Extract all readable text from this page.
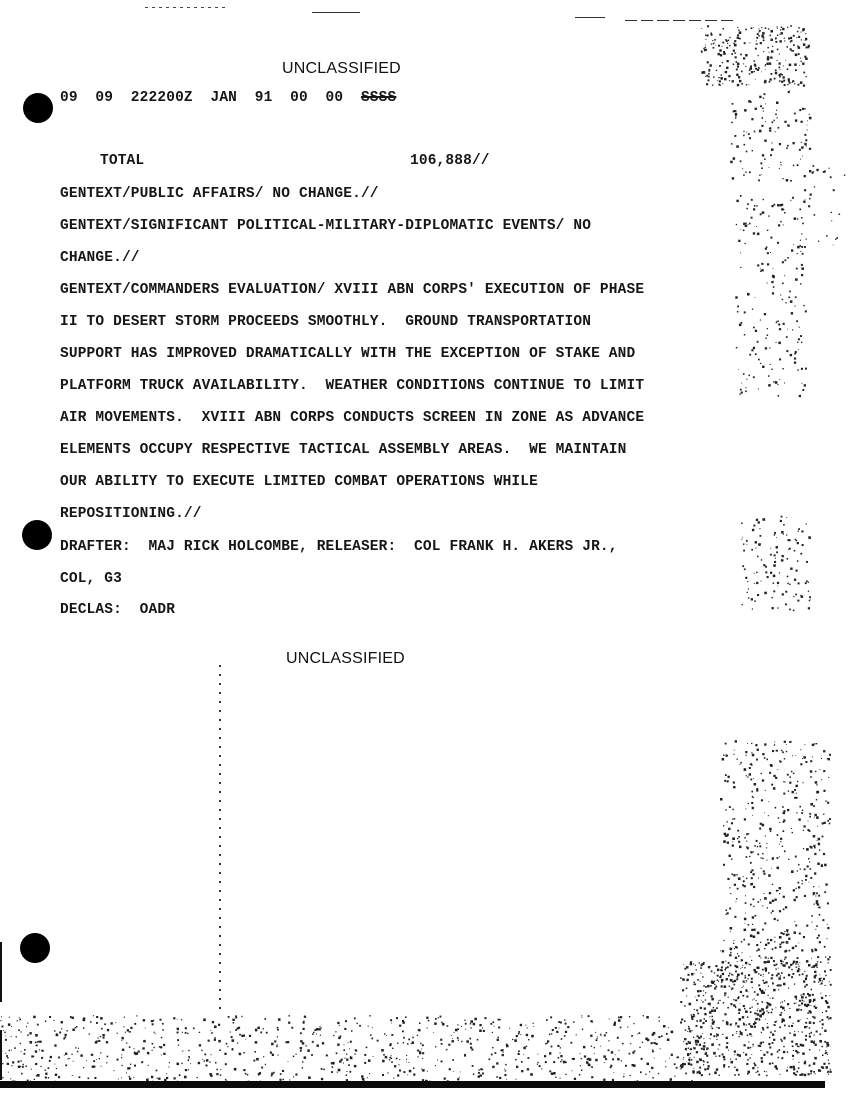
UNCLASSIFIED
09  09  222200Z  JAN  91  00  00  SSSS
TOTAL	106,888//
GENTEXT/PUBLIC AFFAIRS/ NO CHANGE.//
GENTEXT/SIGNIFICANT POLITICAL-MILITARY-DIPLOMATIC EVENTS/ NO
CHANGE.//
GENTEXT/COMMANDERS EVALUATION/ XVIII ABN CORPS' EXECUTION OF PHASE
II TO DESERT STORM PROCEEDS SMOOTHLY.  GROUND TRANSPORTATION
SUPPORT HAS IMPROVED DRAMATICALLY WITH THE EXCEPTION OF STAKE AND
PLATFORM TRUCK AVAILABILITY.  WEATHER CONDITIONS CONTINUE TO LIMIT
AIR MOVEMENTS.  XVIII ABN CORPS CONDUCTS SCREEN IN ZONE AS ADVANCE
ELEMENTS OCCUPY RESPECTIVE TACTICAL ASSEMBLY AREAS.  WE MAINTAIN
OUR ABILITY TO EXECUTE LIMITED COMBAT OPERATIONS WHILE
REPOSITIONING.//
DRAFTER:  MAJ RICK HOLCOMBE, RELEASER:  COL FRANK H. AKERS JR.,
COL, G3
DECLAS:  OADR
UNCLASSIFIED
